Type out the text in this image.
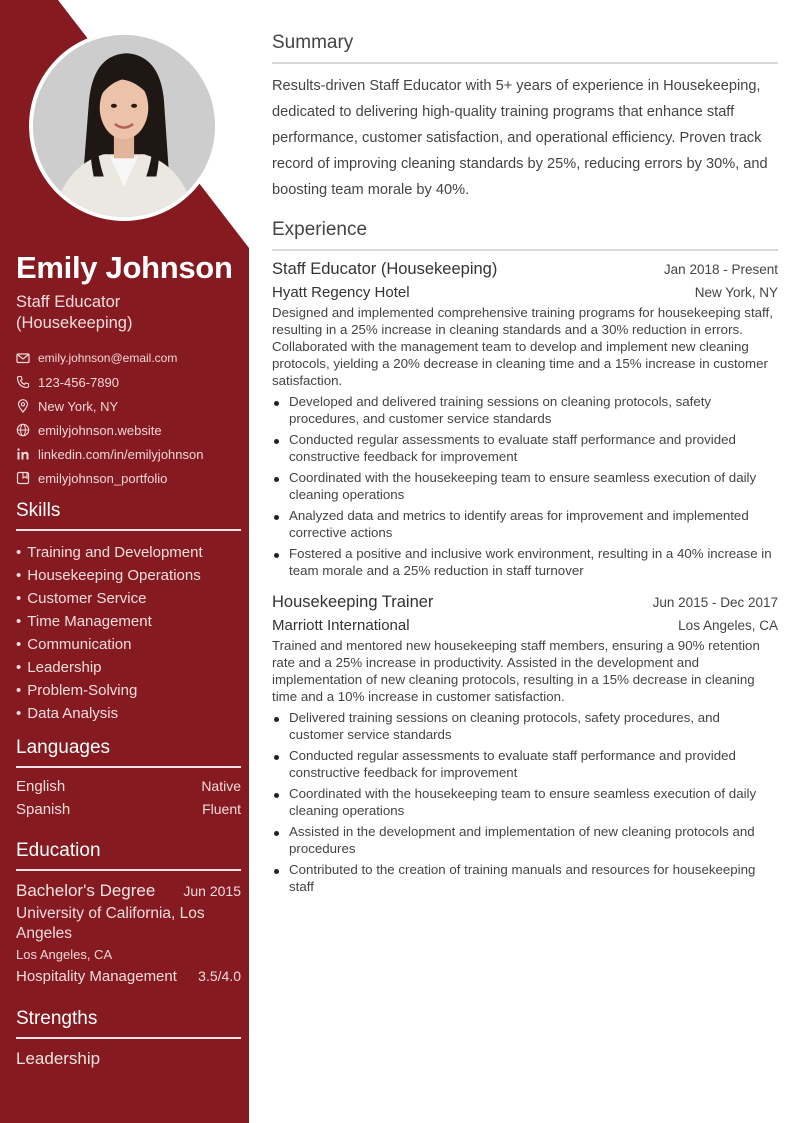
Emily Johnson
Staff Educator (Housekeeping)
emily.johnson@email.com
123-456-7890
New York, NY
emilyjohnson.website
linkedin.com/in/emilyjohnson
emilyjohnson_portfolio
Skills
• Training and Development
• Housekeeping Operations
• Customer Service
• Time Management
• Communication
• Leadership
• Problem-Solving
• Data Analysis
Languages
English	Native
Spanish	Fluent
Education
Bachelor's Degree Jun 2015
University of California, Los Angeles
Los Angeles, CA
Hospitality Management 3.5/4.0
Strengths
Leadership
Summary

Results-driven Staff Educator with 5+ years of experience in Housekeeping, dedicated to delivering high-quality training programs that enhance staff performance, customer satisfaction, and operational efficiency. Proven track record of improving cleaning standards by 25%, reducing errors by 30%, and boosting team morale by 40%.

Experience
Staff Educator (Housekeeping)	Jan 2018 - Present
Hyatt Regency Hotel	New York, NY

Designed and implemented comprehensive training programs for housekeeping staff, resulting in a 25% increase in cleaning standards and a 30% reduction in errors. Collaborated with the management team to develop and implement new cleaning protocols, yielding a 20% decrease in cleaning time and a 15% increase in customer satisfaction.

Developed and delivered training sessions on cleaning protocols, safety procedures, and customer service standards
Conducted regular assessments to evaluate staff performance and provided constructive feedback for improvement
Coordinated with the housekeeping team to ensure seamless execution of daily cleaning operations
Analyzed data and metrics to identify areas for improvement and implemented corrective actions
Fostered a positive and inclusive work environment, resulting in a 40% increase in team morale and a 25% reduction in staff turnover
Housekeeping Trainer	Jun 2015 - Dec 2017
Marriott International	Los Angeles, CA

Trained and mentored new housekeeping staff members, ensuring a 90% retention rate and a 25% increase in productivity. Assisted in the development and implementation of new cleaning protocols, resulting in a 15% decrease in cleaning time and a 10% increase in customer satisfaction.

Delivered training sessions on cleaning protocols, safety procedures, and customer service standards
Conducted regular assessments to evaluate staff performance and provided constructive feedback for improvement
Coordinated with the housekeeping team to ensure seamless execution of daily cleaning operations
Assisted in the development and implementation of new cleaning protocols and procedures
Contributed to the creation of training manuals and resources for housekeeping staff
